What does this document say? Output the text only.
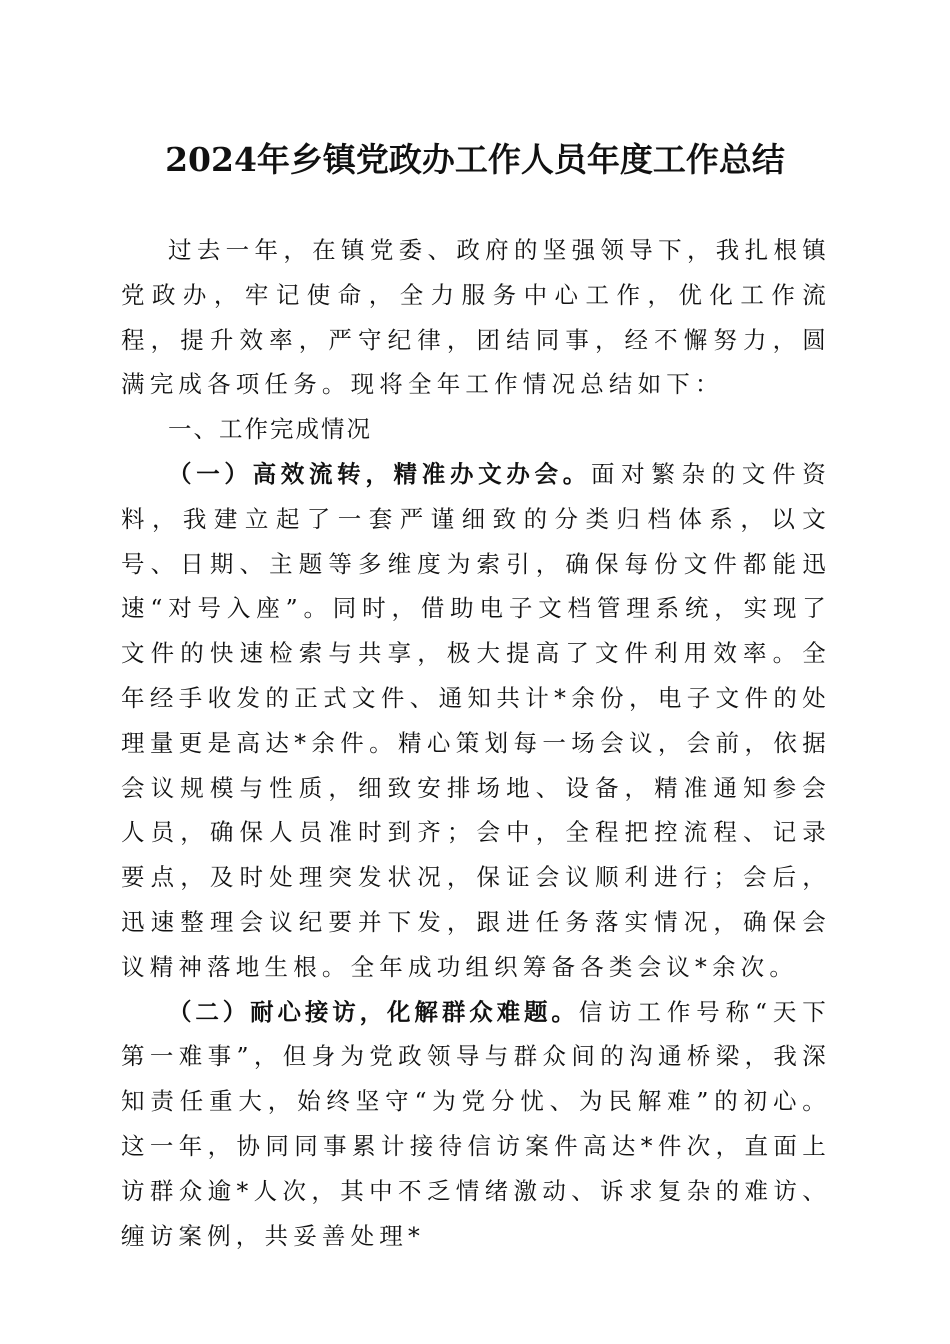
2024年乡镇党政办工作人员年度工作总结

过去一年，在镇党委、政府的坚强领导下，我扎根镇党政办，牢记使命，全力服务中心工作，优化工作流程，提升效率，严守纪律，团结同事，经不懈努力，圆满完成各项任务。现将全年工作情况总结如下：

一、工作完成情况

（一）高效流转，精准办文办会。面对繁杂的文件资料，我建立起了一套严谨细致的分类归档体系，以文号、日期、主题等多维度为索引，确保每份文件都能迅速“对号入座”。同时，借助电子文档管理系统，实现了文件的快速检索与共享，极大提高了文件利用效率。全年经手收发的正式文件、通知共计*余份，电子文件的处理量更是高达*余件。精心策划每一场会议，会前，依据会议规模与性质，细致安排场地、设备，精准通知参会人员，确保人员准时到齐；会中，全程把控流程、记录要点，及时处理突发状况，保证会议顺利进行；会后，迅速整理会议纪要并下发，跟进任务落实情况，确保会议精神落地生根。全年成功组织筹备各类会议*余次。

（二）耐心接访，化解群众难题。信访工作号称“天下第一难事”，但身为党政领导与群众间的沟通桥梁，我深知责任重大，始终坚守“为党分忧、为民解难”的初心。这一年，协同同事累计接待信访案件高达*件次，直面上访群众逾*人次，其中不乏情绪激动、诉求复杂的难访、缠访案例，共妥善处理*
